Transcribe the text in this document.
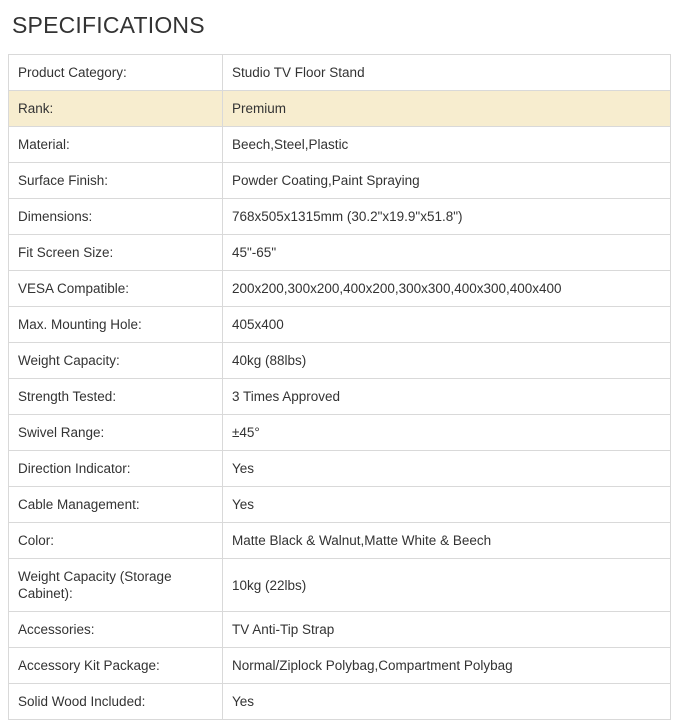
SPECIFICATIONS
Product Category:	Studio TV Floor Stand
Rank:	Premium
Material:	Beech,Steel,Plastic
Surface Finish:	Powder Coating,Paint Spraying
Dimensions:	768x505x1315mm (30.2"x19.9"x51.8")
Fit Screen Size:	45"-65"
VESA Compatible:	200x200,300x200,400x200,300x300,400x300,400x400
Max. Mounting Hole:	405x400
Weight Capacity:	40kg (88lbs)
Strength Tested:	3 Times Approved
Swivel Range:	±45°
Direction Indicator:	Yes
Cable Management:	Yes
Color:	Matte Black & Walnut,Matte White & Beech
Weight Capacity (Storage Cabinet):	10kg (22lbs)
Accessories:	TV Anti-Tip Strap
Accessory Kit Package:	Normal/Ziplock Polybag,Compartment Polybag
Solid Wood Included:	Yes
